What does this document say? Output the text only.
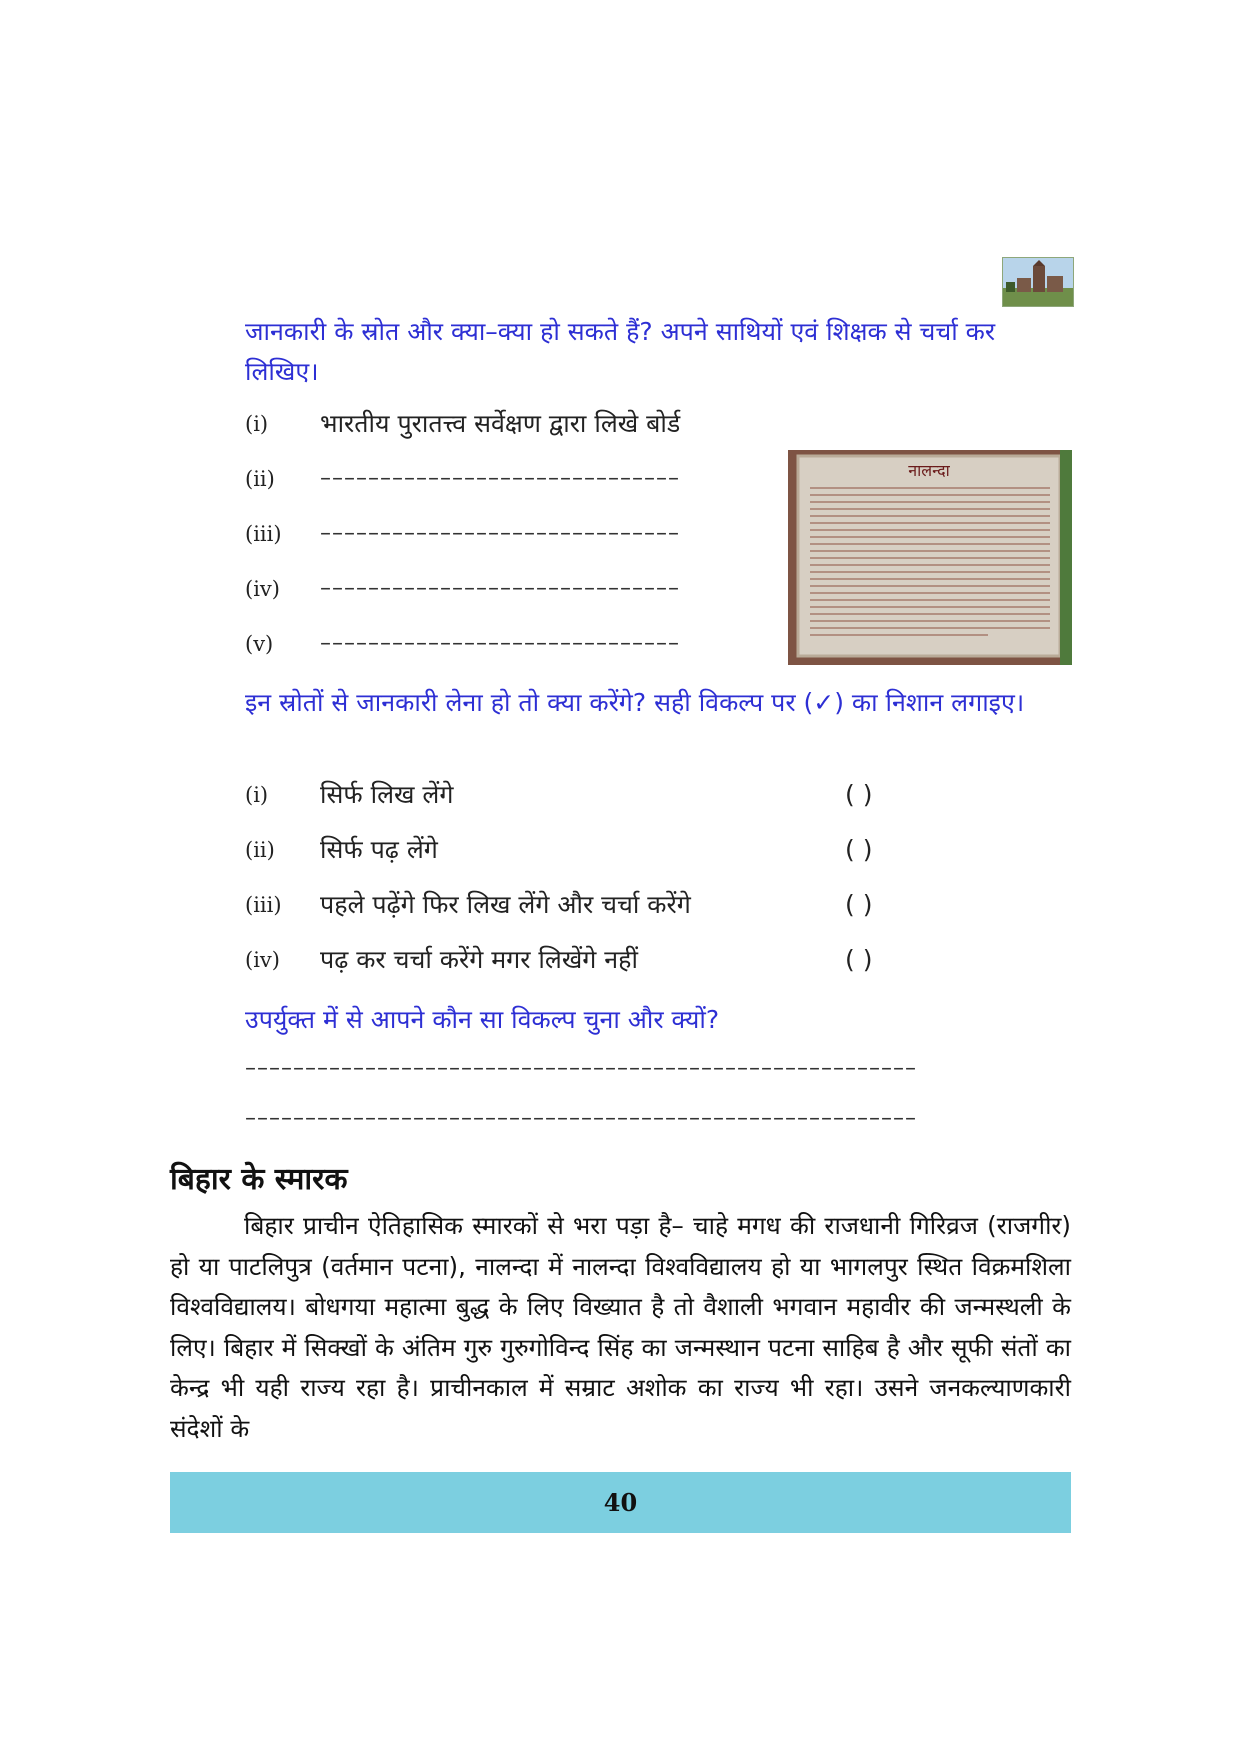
जानकारी के स्रोत और क्या–क्या हो सकते हैं? अपने साथियों एवं शिक्षक से चर्चा कर लिखिए।
(i)	भारतीय पुरातत्त्व सर्वेक्षण द्वारा लिखे बोर्ड
(ii)	––––––––––––––––––––––––––––––
(iii)	––––––––––––––––––––––––––––––
(iv)	––––––––––––––––––––––––––––––
(v)	––––––––––––––––––––––––––––––
नालन्दा
इन स्रोतों से जानकारी लेना हो तो क्या करेंगे? सही विकल्प पर (✓) का निशान लगाइए।
(i)	सिर्फ लिख लेंगे	( )
(ii)	सिर्फ पढ़ लेंगे	( )
(iii)	पहले पढ़ेंगे फिर लिख लेंगे और चर्चा करेंगे	( )
(iv)	पढ़ कर चर्चा करेंगे मगर लिखेंगे नहीं	( )
उपर्युक्त में से आपने कौन सा विकल्प चुना और क्यों?
––––––––––––––––––––––––––––––––––––––––––––––––––––––––
––––––––––––––––––––––––––––––––––––––––––––––––––––––––
बिहार के स्मारक

बिहार प्राचीन ऐतिहासिक स्मारकों से भरा पड़ा है– चाहे मगध की राजधानी गिरिव्रज (राजगीर) हो या पाटलिपुत्र (वर्तमान पटना), नालन्दा में नालन्दा विश्वविद्यालय हो या भागलपुर स्थित विक्रमशिला विश्वविद्यालय। बोधगया महात्मा बुद्ध के लिए विख्यात है तो वैशाली भगवान महावीर की जन्मस्थली के लिए। बिहार में सिक्खों के अंतिम गुरु गुरुगोविन्द सिंह का जन्मस्थान पटना साहिब है और सूफी संतों का केन्द्र भी यही राज्य रहा है। प्राचीनकाल में सम्राट अशोक का राज्य भी रहा। उसने जनकल्याणकारी संदेशों के

40
